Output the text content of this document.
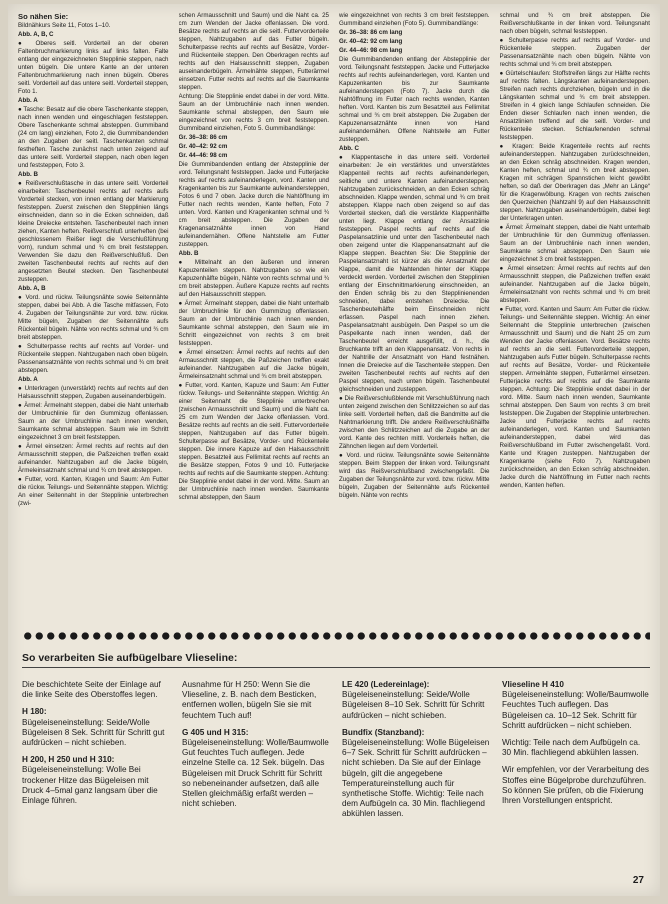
So nähen Sie:

Bildnähkurs Seite 11, Fotos 1–10.

Abb. A, B, C

● Oberes seitl. Vorderteil an der oberen Faltenbruchmarkierung links auf links falten. Falte entlang der eingezeichneten Stepplinie steppen, nach unten bügeln. Die untere Kante an der unteren Faltenbruchmarkierung nach innen bügeln. Oberes seitl. Vorderteil auf das untere seitl. Vorderteil steppen, Foto 1.

Abb. A

● Tasche: Besatz auf die obere Taschenkante steppen, nach innen wenden und eingeschlagen feststeppen. Obere Taschenkante schmal absteppen. Gummiband (24 cm lang) einziehen, Foto 2, die Gummibandenden an den Zugaben der seitl. Taschenkanten schmal festheften. Tasche zunächst nach unten zeigend auf das untere seitl. Vorderteil steppen, nach oben legen und feststeppen, Foto 3.

Abb. B

● Reißverschlußtasche in das untere seitl. Vorderteil einarbeiten: Taschenbeutel rechts auf rechts aufs Vorderteil stecken, von innen entlang der Markierung feststeppen. Zuerst zwischen den Stepplinien längs einschneiden, dann so in die Ecken schneiden, daß kleine Dreiecke entstehen. Taschenbeutel nach innen ziehen, Kanten heften. Reißverschluß unterheften (bei geschlossenem Reißer liegt die Verschlußführung vorn), rundum schmal und ¾ cm breit feststeppen. Verwenden Sie dazu den Reißverschlußfuß. Den zweiten Taschenbeutel rechts auf rechts auf den angesetzten Beutel stecken. Den Taschenbeutel zusteppen.

Abb. A, B

● Vord. und rückw. Teilungsnähte sowie Seitennähte steppen, dabei bei Abb. A die Tasche mitfassen, Foto 4. Zugaben der Teilungsnähte zur vord. bzw. rückw. Mitte bügeln, Zugaben der Seitennähte aufs Rückenteil bügeln. Nähte von rechts schmal und ¾ cm breit absteppen.

● Schulterpasse rechts auf rechts auf Vorder- und Rückenteile steppen. Nahtzugaben nach oben bügeln. Passenansatznähte von rechts schmal und ¾ cm breit absteppen.

Abb. A

● Unterkragen (unverstärkt) rechts auf rechts auf den Halsausschnitt steppen, Zugaben auseinanderbügeln.

● Ärmel: Ärmelnaht steppen, dabei die Naht unterhalb der Umbruchlinie für den Gummizug offenlassen. Saum an der Umbruchlinie nach innen wenden, Saumkante schmal absteppen. Saum wie im Schritt eingezeichnet 3 cm breit feststeppen.

● Ärmel einsetzen: Ärmel rechts auf rechts auf den Armausschnitt steppen, die Paßzeichen treffen exakt aufeinander. Nahtzugaben auf die Jacke bügeln, Ärmeleinsatznaht schmal und ¾ cm breit absteppen.

● Futter, vord. Kanten, Kragen und Saum: Am Futter die rückw. Teilungs- und Seitennähte steppen. Wichtig: An einer Seitennaht in der Stepplinie unterbrechen (zwi-

schen Armausschnitt und Saum) und die Naht ca. 25 cm zum Wenden der Jacke offenlassen. Die vord. Besätze rechts auf rechts an die seitl. Futtervorderteile steppen, Nahtzugaben auf das Futter bügeln. Schulterpasse rechts auf rechts auf Besätze, Vorder- und Rückenteile steppen. Den Oberkragen rechts auf rechts auf den Halsausschnitt steppen, Zugaben auseinanderbügeln. Ärmelnähte steppen, Futterärmel einsetzen. Futter rechts auf rechts auf die Saumkante steppen.

Achtung: Die Stepplinie endet dabei in der vord. Mitte. Saum an der Umbruchlinie nach innen wenden. Saumkante schmal absteppen, den Saum wie eingezeichnet von rechts 3 cm breit feststeppen. Gummiband einziehen, Foto 5. Gummibandlänge:

Gr. 36–38: 86 cm

Gr. 40–42: 92 cm

Gr. 44–46: 98 cm

Die Gummibandenden entlang der Abstepplinie der vord. Teilungsnaht feststeppen. Jacke und Futterjacke rechts auf rechts aufeinanderlegen, vord. Kanten und Kragenkanten bis zur Saumkante aufeinandersteppen, Fotos 6 und 7 oben. Jacke durch die Nahtöffnung im Futter nach rechts wenden, Kante heften, Foto 7 unten. Vord. Kanten und Kragenkanten schmal und ¾ cm breit absteppen. Die Zugaben der Kragenansatznähte innen von Hand aufeinandernähen. Offene Nahtstelle am Futter zusteppen.

Abb. B

● Mittelnaht an den äußeren und inneren Kapuzenteilen steppen. Nahtzugaben so wie ein Kapuzenhälfte bügeln, Nähte von rechts schmal und ¾ cm breit absteppen. Äußere Kapuze rechts auf rechts auf den Halsausschnitt steppen.

● Ärmel: Ärmelnaht steppen, dabei die Naht unterhalb der Umbruchlinie für den Gummizug offenlassen. Saum an der Umbruchlinie nach innen wenden, Saumkante schmal absteppen, den Saum wie im Schritt eingezeichnet von rechts 3 cm breit feststeppen.

● Ärmel einsetzen: Ärmel rechts auf rechts auf den Armausschnitt steppen, die Paßzeichen treffen exakt aufeinander. Nahtzugaben auf die Jacke bügeln, Ärmeleinsatznaht schmal und ¾ cm breit absteppen.

● Futter, vord. Kanten, Kapuze und Saum: Am Futter rückw. Teilungs- und Seitennähte steppen. Wichtig: An einer Seitennaht die Stepplinie unterbrechen (zwischen Armausschnitt und Saum) und die Naht ca. 25 cm zum Wenden der Jacke offenlassen. Vord. Besätze rechts auf rechts an die seitl. Futtervorderteile steppen, Nahtzugaben auf das Futter bügeln. Schulterpasse auf Besätze, Vorder- und Rückenteile steppen. Die innere Kapuze auf den Halsausschnitt steppen. Besatzteil aus Fellimitat rechts auf rechts an die Besätze steppen, Fotos 9 und 10. Futterjacke rechts auf rechts auf die Saumkante steppen. Achtung: Die Stepplinie endet dabei in der vord. Mitte. Saum an der Umbruchlinie nach innen wenden. Saumkante schmal absteppen, den Saum

wie eingezeichnet von rechts 3 cm breit feststeppen. Gummiband einziehen (Foto 5). Gummibandlänge:

Gr. 36–38: 86 cm lang

Gr. 40–42: 92 cm lang

Gr. 44–46: 98 cm lang

Die Gummibandenden entlang der Abstepplinie der vord. Teilungsnaht feststeppen. Jacke und Futterjacke rechts auf rechts aufeinanderlegen, vord. Kanten und Kapuzenkanten bis zur Saumkante aufeinandersteppen (Foto 7). Jacke durch die Nahtöffnung im Futter nach rechts wenden, Kanten heften. Vord. Kanten bis zum Besatzteil aus Fellimitat schmal und ¾ cm breit absteppen. Die Zugaben der Kapuzenansatznähte innen von Hand aufeinandernähen. Offene Nahtstelle am Futter zusteppen.

Abb. C

● Klappentasche in das untere seitl. Vorderteil einarbeiten: Je ein verstärktes und unverstärktes Klappenteil rechts auf rechts aufeinanderlegen, seitliche und untere Kanten aufeinandersteppen. Nahtzugaben zurückschneiden, an den Ecken schräg abschneiden. Klappe wenden, schmal und ¾ cm breit absteppen. Klappe nach oben zeigend so auf das Vorderteil stecken, daß die verstärkte Klappenhälfte unten liegt. Klappe entlang der Ansatzlinie feststeppen. Paspel rechts auf rechts auf die Paspelansatzlinie und unter den Taschenbeutel nach oben zeigend unter die Klappenansatznaht auf die Klappe steppen. Beachten Sie: Die Stepplinie der Paspelansatznaht ist kürzer als die Ansatznaht der Klappe, damit die Nahtenden hinter der Klappe verdeckt werden. Vorderteil zwischen den Stepplinien entlang der Einschnittmarkierung einschneiden, an den Enden schräg bis zu den Stepplinienenden schneiden, dabei entstehen Dreiecke. Die Taschenbeutelhälfte beim Einschneiden nicht erfassen. Paspel nach innen ziehen. Paspelansatznaht ausbügeln. Den Paspel so um die Paspelkante nach innen wenden, daß der Taschenbeutel erreicht ausgefüllt, d. h., die Bruchkante trifft an den Klappenansatz. Von rechts in der Nahtrille der Ansatznaht von Hand festnähen. Innen die Dreiecke auf die Taschenteile steppen. Den zweiten Taschenbeutel rechts auf rechts auf den Paspel steppen, nach unten bügeln. Taschenbeutel gleichschneiden und zusteppen.

● Die Reißverschlußblende mit Verschlußführung nach unten zeigend zwischen den Schlitzzeichen so auf das linke seitl. Vorderteil heften, daß die Bandmitte auf die Nahtmarkierung trifft. Die andere Reißverschlußhälfte zwischen den Schlitzzeichen auf die Zugabe an der vord. Kante des rechten mittl. Vorderteils heften, die Zähnchen liegen auf dem Vorderteil.

● Vord. und rückw. Teilungsnähte sowie Seitennähte steppen. Beim Steppen der linken vord. Teilungsnaht wird das Reißverschlußband zwischengefaßt. Die Zugaben der Teilungsnähte zur vord. bzw. rückw. Mitte bügeln, Zugaben der Seitennähte aufs Rückenteil bügeln. Nähte von rechts

schmal und ¾ cm breit absteppen. Die Reißverschlußkante in der linken vord. Teilungsnaht nach oben bügeln, schmal feststeppen.

● Schulterpasse rechts auf rechts auf Vorder- und Rückenteile steppen. Zugaben der Passenansatznähte nach oben bügeln. Nähte von rechts schmal und ¾ cm breit absteppen.

● Gürtelschlaufen: Stoffstreifen längs zur Hälfte rechts auf rechts falten. Längskanten aufeinandersteppen. Streifen nach rechts durchziehen, bügeln und in die Längskanten schmal und ¾ cm breit absteppen. Streifen in 4 gleich lange Schlaufen schneiden. Die Enden dieser Schlaufen nach innen wenden, die Ansatzlinien treffend auf die seitl. Vorder- und Rückenteile stecken. Schlaufenenden schmal feststeppen.

● Kragen: Beide Kragenteile rechts auf rechts aufeinandersteppen. Nahtzugaben zurückschneiden, an den Ecken schräg abschneiden. Kragen wenden, Kanten heften, schmal und ¾ cm breit absteppen. Kragen mit schrägen Spannstichen leicht gewölbt heften, so daß der Oberkragen das „Mehr an Länge“ für die Kragenwölbung. Kragen von rechts zwischen den Querzeichen (Nahtzahl 9) auf den Halsausschnitt steppen. Nahtzugaben auseinanderbügeln, dabei liegt der Unterkragen unten.

● Ärmel: Ärmelnaht steppen, dabei die Naht unterhalb der Umbruchlinie für den Gummizug offenlassen. Saum an der Umbruchlinie nach innen wenden, Saumkante schmal absteppen. Den Saum wie eingezeichnet 3 cm breit feststeppen.

● Ärmel einsetzen: Ärmel rechts auf rechts auf den Armausschnitt steppen, die Paßzeichen treffen exakt aufeinander. Nahtzugaben auf die Jacke bügeln, Ärmeleinsatznaht von rechts schmal und ¾ cm breit absteppen.

● Futter, vord. Kanten und Saum: Am Futter die rückw. Teilungs- und Seitennähte steppen. Wichtig: An einer Seitennaht die Stepplinie unterbrechen (zwischen Armausschnitt und Saum) und die Naht 25 cm zum Wenden der Jacke offenlassen. Vord. Besätze rechts auf rechts an die seitl. Futtervorderteile steppen, Nahtzugaben aufs Futter bügeln. Schulterpasse rechts auf rechts auf Besätze, Vorder- und Rückenteile steppen. Armelnähte steppen, Futterärmel einsetzen. Futterjacke rechts auf rechts auf die Saumkante steppen. Achtung: Die Stepplinie endet dabei in der vord. Mitte. Saum nach innen wenden, Saumkante schmal absteppen. Den Saum von rechts 3 cm breit feststeppen. Die Zugaben der Stepplinie unterbrechen. Jacke und Futterjacke rechts auf rechts aufeinanderlegen, vord. Kanten und Saumkanten aufeinandersteppen, dabei wird das Reißverschlußband im Futter zwischengefaßt. Vord. Kante und Kragen zusteppen. Nahtzugaben der Kragenkante (siehe Foto 7). Nahtzugaben zurückschneiden, an den Ecken schräg abschneiden. Jacke durch die Nahtöffnung im Futter nach rechts wenden, Kanten heften.

So verarbeiten Sie aufbügelbare Vlieseline:

Die beschichtete Seite der Einlage auf die linke Seite des Oberstoffes legen.

H 180:

Bügeleiseneinstellung: Seide/Wolle Bügeleisen 8 Sek. Schritt für Schritt gut aufdrücken – nicht schieben.

H 200, H 250 und H 310:

Bügeleiseneinstellung: Wolle Bei trockener Hitze das Bügeleisen mit Druck 4–5mal ganz langsam über die Einlage führen.

Ausnahme für H 250: Wenn Sie die Vlieseline, z. B. nach dem Besticken, entfernen wollen, bügeln Sie sie mit feuchtem Tuch auf!

G 405 und H 315:

Bügeleiseneinstellung: Wolle/Baumwolle Gut feuchtes Tuch auflegen. Jede einzelne Stelle ca. 12 Sek. bügeln. Das Bügeleisen mit Druck Schritt für Schritt so nebeneinander aufsetzen, daß alle Stellen gleichmäßig erfaßt werden – nicht schieben.

LE 420 (Ledereinlage):

Bügeleiseneinstellung: Seide/Wolle Bügeleisen 8–10 Sek. Schritt für Schritt aufdrücken – nicht schieben.

Bundfix (Stanzband):

Bügeleiseneinstellung: Wolle Bügeleisen 6–7 Sek. Schritt für Schritt aufdrücken – nicht schieben. Da Sie auf der Einlage bügeln, gilt die angegebene Temperatureinstellung auch für synthetische Stoffe. Wichtig: Teile nach dem Aufbügeln ca. 30 Min. flachliegend abkühlen lassen.

Vlieseline H 410

Bügeleiseneinstellung: Wolle/Baumwolle Feuchtes Tuch auflegen. Das Bügeleisen ca. 10–12 Sek. Schritt für Schritt aufdrücken – nicht schieben.

Wichtig: Teile nach dem Aufbügeln ca. 30 Min. flachliegend abkühlen lassen.

Wir empfehlen, vor der Verarbeitung des Stoffes eine Bügelprobe durchzuführen. So können Sie prüfen, ob die Fixierung Ihren Vorstellungen entspricht.

27
